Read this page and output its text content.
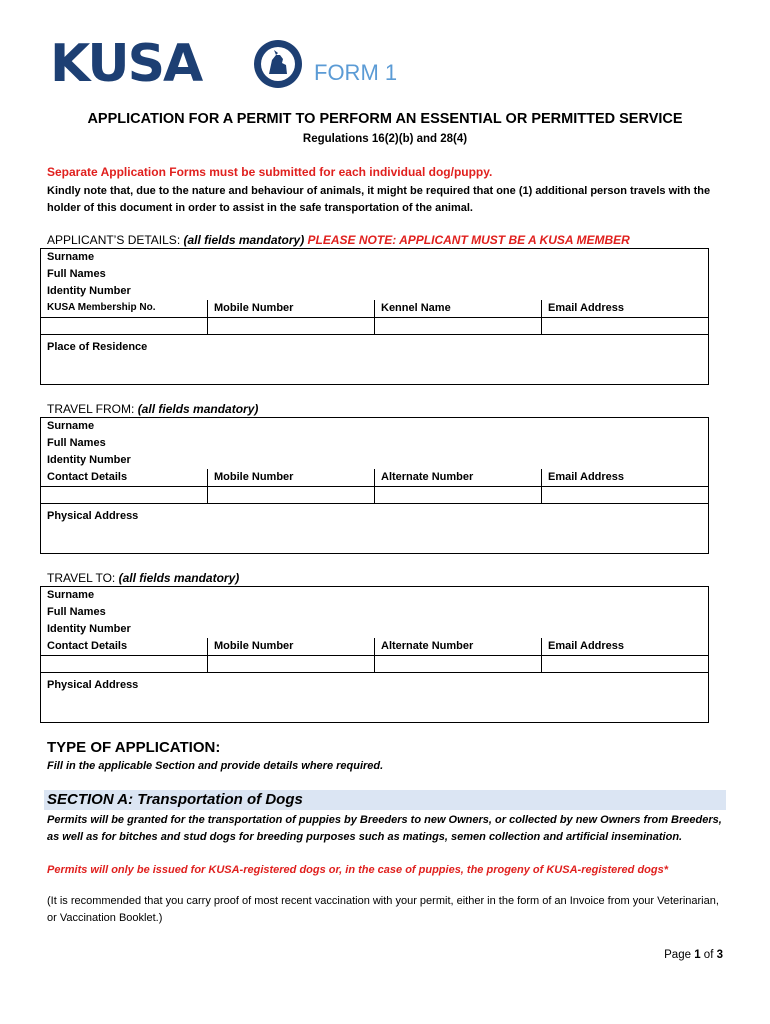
KUSA	FORM 1
APPLICATION FOR A PERMIT TO PERFORM AN ESSENTIAL OR PERMITTED SERVICE
Regulations 16(2)(b) and 28(4)
Separate Application Forms must be submitted for each individual dog/puppy.
Kindly note that, due to the nature and behaviour of animals, it might be required that one (1) additional person travels with the holder of this document in order to assist in the safe transportation of the animal.
APPLICANT’S DETAILS: (all fields mandatory) PLEASE NOTE: APPLICANT MUST BE A KUSA MEMBER
Surname
Full Names
Identity Number
KUSA Membership No.	Mobile Number	Kennel Name	Email Address
Place of Residence
TRAVEL FROM: (all fields mandatory)
Surname
Full Names
Identity Number
Contact Details	Mobile Number	Alternate Number	Email Address
Physical Address
TRAVEL TO: (all fields mandatory)
Surname
Full Names
Identity Number
Contact Details	Mobile Number	Alternate Number	Email Address
Physical Address
TYPE OF APPLICATION:
Fill in the applicable Section and provide details where required.
SECTION A: Transportation of Dogs
Permits will be granted for the transportation of puppies by Breeders to new Owners, or collected by new Owners from Breeders, as well as for bitches and stud dogs for breeding purposes such as matings, semen collection and artificial insemination.
Permits will only be issued for KUSA-registered dogs or, in the case of puppies, the progeny of KUSA-registered dogs*
(It is recommended that you carry proof of most recent vaccination with your permit, either in the form of an Invoice from your Veterinarian, or Vaccination Booklet.)
Page 1 of 3
